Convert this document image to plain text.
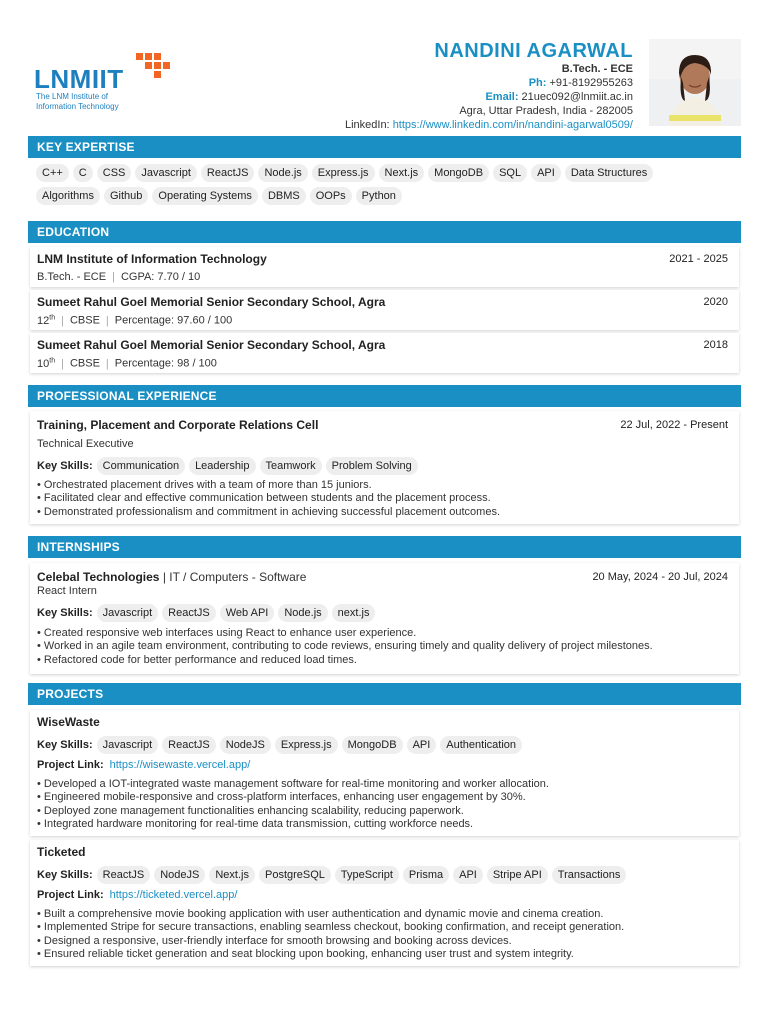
LNMIIT
The LNM Institute of
Information Technology
NANDINI AGARWAL
B.Tech. - ECE
Ph: +91-8192955263
Email: 21uec092@lnmiit.ac.in
Agra, Uttar Pradesh, India - 282005
LinkedIn: https://www.linkedin.com/in/nandini-agarwal0509/
KEY EXPERTISE
C++ C CSS Javascript ReactJS Node.js Express.js Next.js MongoDB SQL API Data Structures
Algorithms Github Operating Systems DBMS OOPs Python
EDUCATION
LNM Institute of Information Technology	2021 - 2025
B.Tech. - ECE | CGPA: 7.70 / 10
Sumeet Rahul Goel Memorial Senior Secondary School, Agra	2020
12th | CBSE | Percentage: 97.60 / 100
Sumeet Rahul Goel Memorial Senior Secondary School, Agra	2018
10th | CBSE | Percentage: 98 / 100
PROFESSIONAL EXPERIENCE
Training, Placement and Corporate Relations Cell	22 Jul, 2022 - Present
Technical Executive
Key Skills: Communication Leadership Teamwork Problem Solving
• Orchestrated placement drives with a team of more than 15 juniors.
• Facilitated clear and effective communication between students and the placement process.
• Demonstrated professionalism and commitment in achieving successful placement outcomes.
INTERNSHIPS
Celebal Technologies | IT / Computers - Software	20 May, 2024 - 20 Jul, 2024
React Intern
Key Skills: Javascript ReactJS Web API Node.js next.js
• Created responsive web interfaces using React to enhance user experience.
• Worked in an agile team environment, contributing to code reviews, ensuring timely and quality delivery of project milestones.
• Refactored code for better performance and reduced load times.
PROJECTS
WiseWaste
Key Skills: Javascript ReactJS NodeJS Express.js MongoDB API Authentication
Project Link: https://wisewaste.vercel.app/
• Developed a IOT-integrated waste management software for real-time monitoring and worker allocation.
• Engineered mobile-responsive and cross-platform interfaces, enhancing user engagement by 30%.
• Deployed zone management functionalities enhancing scalability, reducing paperwork.
• Integrated hardware monitoring for real-time data transmission, cutting workforce needs.
Ticketed
Key Skills: ReactJS NodeJS Next.js PostgreSQL TypeScript Prisma API Stripe API Transactions
Project Link: https://ticketed.vercel.app/
• Built a comprehensive movie booking application with user authentication and dynamic movie and cinema creation.
• Implemented Stripe for secure transactions, enabling seamless checkout, booking confirmation, and receipt generation.
• Designed a responsive, user-friendly interface for smooth browsing and booking across devices.
• Ensured reliable ticket generation and seat blocking upon booking, enhancing user trust and system integrity.
